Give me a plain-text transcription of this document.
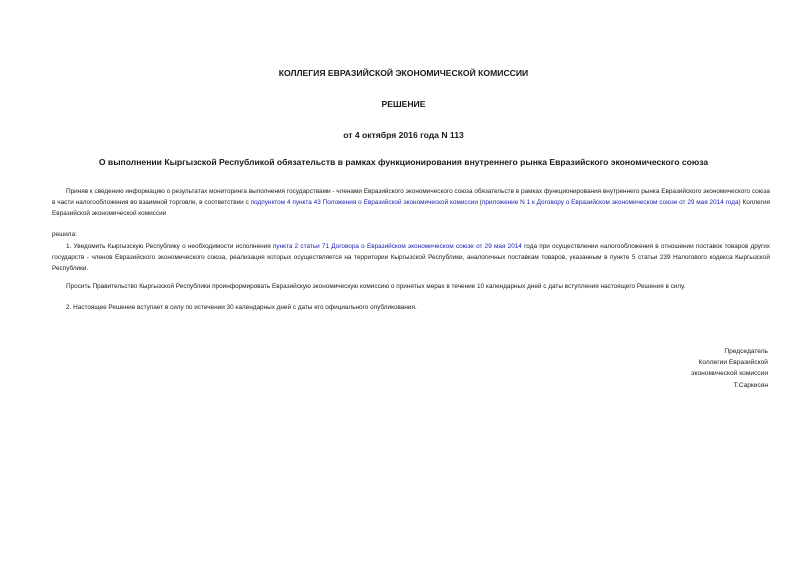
КОЛЛЕГИЯ ЕВРАЗИЙСКОЙ ЭКОНОМИЧЕСКОЙ КОМИССИИ
РЕШЕНИЕ
от 4 октября 2016 года N 113
О выполнении Кыргызской Республикой обязательств в рамках функционирования внутреннего рынка Евразийского экономического союза
Приняв к сведению информацию о результатах мониторинга выполнения государствами - членами Евразийского экономического союза обязательств в рамках функционирования внутреннего рынка Евразийского экономического союза в части налогообложения во взаимной торговле, в соответствии с подпунктом 4 пункта 43 Положения о Евразийской экономической комиссии (приложение N 1 к Договору о Евразийском экономическом союзе от 29 мая 2014 года) Коллегия Евразийской экономической комиссии
решила:
1. Уведомить Кыргызскую Республику о необходимости исполнения пункта 2 статьи 71 Договора о Евразийском экономическом союзе от 29 мая 2014 года при осуществлении налогообложения в отношении поставок товаров других государств - членов Евразийского экономического союза, реализация которых осуществляется на территории Кыргызской Республики, аналогичных поставкам товаров, указанным в пункте 5 статьи 239 Налогового кодекса Кыргызской Республики.
Просить Правительство Кыргызской Республики проинформировать Евразийскую экономическую комиссию о принятых мерах в течение 10 календарных дней с даты вступления настоящего Решения в силу.
2. Настоящее Решение вступает в силу по истечении 30 календарных дней с даты его официального опубликования.
Председатель
Коллегии Евразийской
экономической комиссии
Т.Саркисян
